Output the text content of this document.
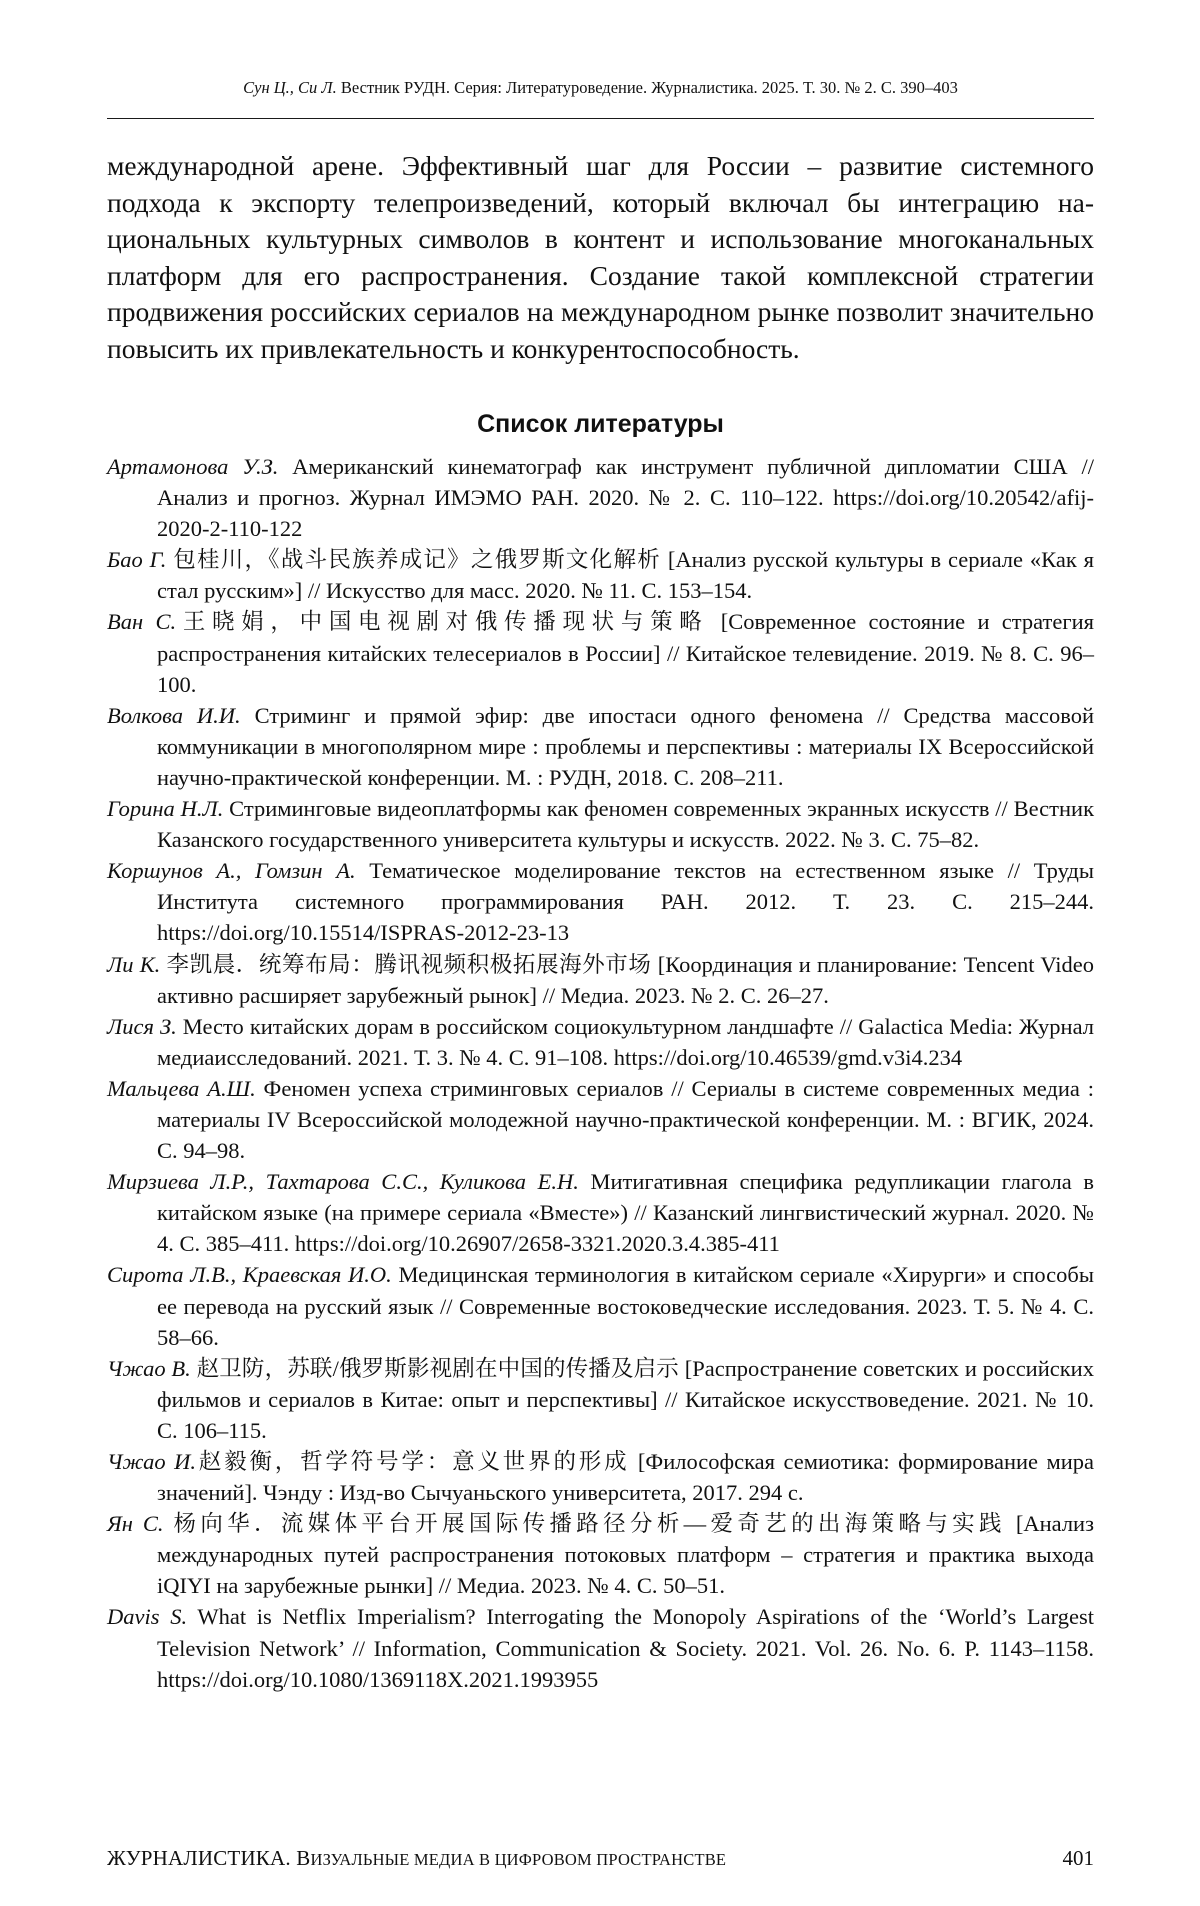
Сун Ц., Си Л. Вестник РУДН. Серия: Литературоведение. Журналистика. 2025. Т. 30. № 2. С. 390–403

международной арене. Эффективный шаг для России – развитие системного подхода к экспорту телепроизведений, который включал бы интеграцию на­циональных культурных символов в контент и использование многоканаль­ных платформ для его распространения. Создание такой комплексной страте­гии продвижения российских сериалов на международном рынке позволит значительно повысить их привлекательность и конкурентоспособность.

Список литературы
Артамонова У.З. Американский кинематограф как инструмент публичной дипломатии США // Анализ и прогноз. Журнал ИМЭМО РАН. 2020. № 2. С. 110–122. https://doi.org/10.20542/afij-2020-2-110-122
Бао Г. 包桂川，《战斗民族养成记》之俄罗斯文化解析 [Анализ русской культуры в сериале «Как я стал русским»] // Искусство для масс. 2020. № 11. С. 153–154.
Ван С.王晓娟，中国电视剧对俄传播现状与策略 [Современное состояние и стратегия распространения китайских телесериалов в России] // Китайское телевидение. 2019. № 8. С. 96–100.
Волкова И.И. Стриминг и прямой эфир: две ипостаси одного феномена // Средства массовой коммуникации в многополярном мире : проблемы и перспективы : материалы IX Всероссийской научно-практической конференции. М. : РУДН, 2018. С. 208–211.
Горина Н.Л. Стриминговые видеоплатформы как феномен современных экранных искусств // Вестник Казанского государственного университета культуры и искусств. 2022. № 3. С. 75–82.
Коршунов А., Гомзин А. Тематическое моделирование текстов на естественном языке // Труды Института системного программирования РАН. 2012. Т. 23. С. 215–244. https://doi.org/10.15514/ISPRAS-2012-23-13
Ли К. 李凯晨．统筹布局：腾讯视频积极拓展海外市场 [Координация и планирование: Tencent Video активно расширяет зарубежный рынок] // Медиа. 2023. № 2. С. 26–27.
Лися З. Место китайских дорам в российском социокультурном ландшафте // Galactica Media: Журнал медиаисследований. 2021. Т. 3. № 4. С. 91–108. https://doi.org/10.46539/gmd.v3i4.234
Мальцева А.Ш. Феномен успеха стриминговых сериалов // Сериалы в системе современных медиа : материалы IV Всероссийской молодежной научно-практической конференции. М. : ВГИК, 2024. С. 94–98.
Мирзиева Л.Р., Тахтарова С.С., Куликова Е.Н. Митигативная специфика редупликации глагола в китайском языке (на примере сериала «Вместе») // Казанский лингвистический журнал. 2020. № 4. С. 385–411. https://doi.org/10.26907/2658-3321.2020.3.4.385-411
Сирота Л.В., Краевская И.О. Медицинская терминология в китайском сериале «Хирурги» и способы ее перевода на русский язык // Современные востоковедческие исследования. 2023. Т. 5. № 4. С. 58–66.
Чжао В. 赵卫防，苏联/俄罗斯影视剧在中国的传播及启示 [Распространение советских и российских фильмов и сериалов в Китае: опыт и перспективы] // Китайское искусствоведение. 2021. № 10. С. 106–115.
Чжао И.赵毅衡，哲学符号学：意义世界的形成 [Философская семиотика: формирование мира значений]. Чэнду : Изд-во Сычуаньского университета, 2017. 294 с.
Ян С. 杨向华．流媒体平台开展国际传播路径分析—爱奇艺的出海策略与实践 [Анализ международных путей распространения потоковых платформ – стратегия и практика выхода iQIYI на зарубежные рынки] // Медиа. 2023. № 4. С. 50–51.
Davis S. What is Netflix Imperialism? Interrogating the Monopoly Aspirations of the ‘World’s Largest Television Network’ // Information, Communication & Society. 2021. Vol. 26. No. 6. P. 1143–1158. https://doi.org/10.1080/1369118X.2021.1993955
ЖУРНАЛИСТИКА. ВИЗУАЛЬНЫЕ МЕДИА В ЦИФРОВОМ ПРОСТРАНСТВЕ	401
